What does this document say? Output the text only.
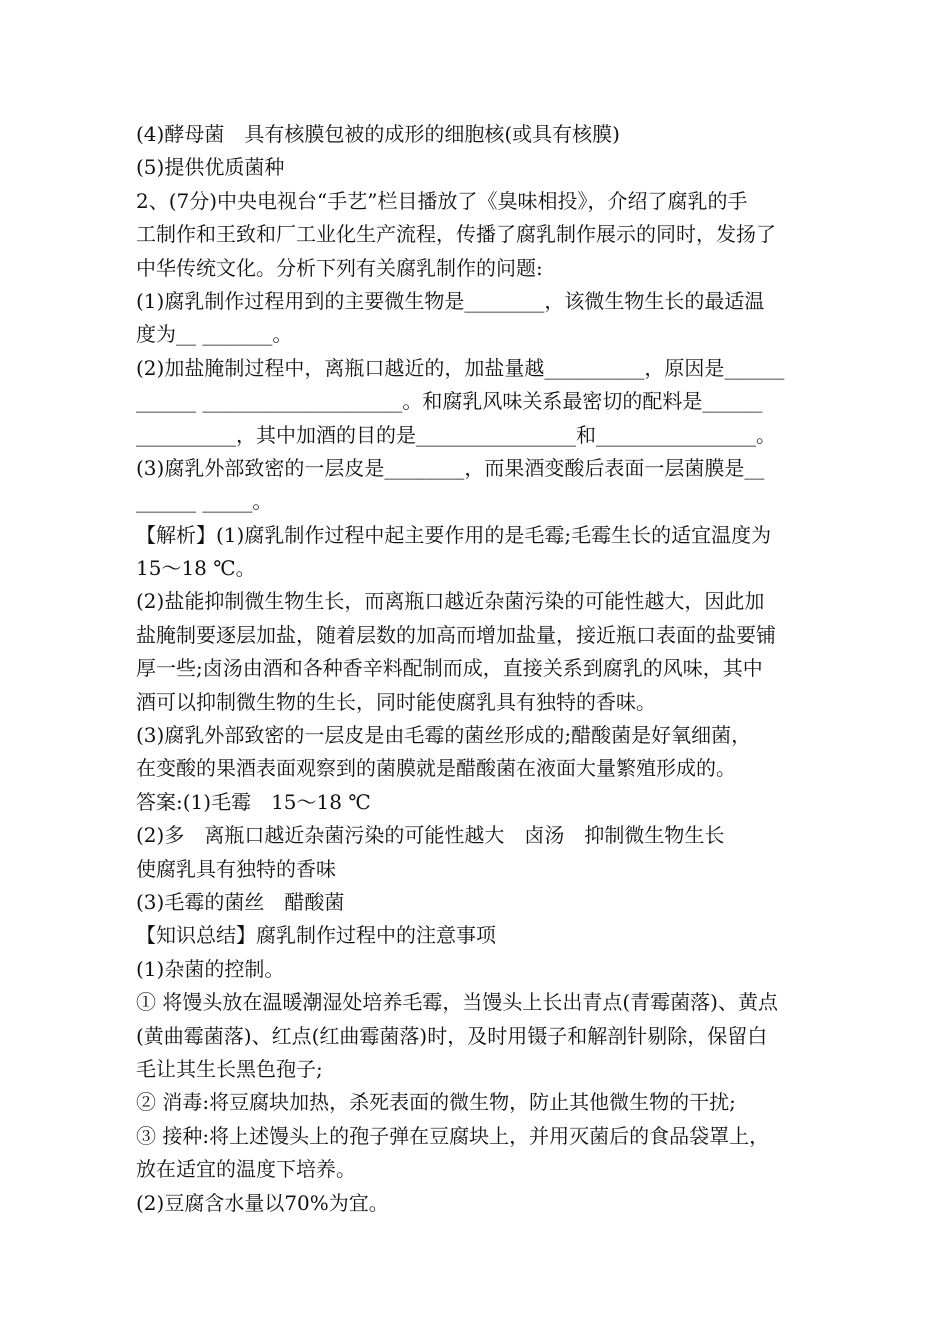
(4)酵母菌　具有核膜包被的成形的细胞核(或具有核膜)
(5)提供优质菌种
2、(7分)中央电视台“手艺”栏目播放了《臭味相投》，介绍了腐乳的手
工制作和王致和厂工业化生产流程，传播了腐乳制作展示的同时，发扬了
中华传统文化。分析下列有关腐乳制作的问题:
(1)腐乳制作过程用到的主要微生物是________，该微生物生长的最适温
度为__ _______。
(2)加盐腌制过程中，离瓶口越近的，加盐量越__________，原因是______
______ ____________________。和腐乳风味关系最密切的配料是______
__________，其中加酒的目的是________________和________________。
(3)腐乳外部致密的一层皮是________，而果酒变酸后表面一层菌膜是__
______ _____。
【解析】(1)腐乳制作过程中起主要作用的是毛霉;毛霉生长的适宜温度为
15～18 ℃。
(2)盐能抑制微生物生长，而离瓶口越近杂菌污染的可能性越大，因此加
盐腌制要逐层加盐，随着层数的加高而增加盐量，接近瓶口表面的盐要铺
厚一些;卤汤由酒和各种香辛料配制而成，直接关系到腐乳的风味，其中
酒可以抑制微生物的生长，同时能使腐乳具有独特的香味。
(3)腐乳外部致密的一层皮是由毛霉的菌丝形成的;醋酸菌是好氧细菌，
在变酸的果酒表面观察到的菌膜就是醋酸菌在液面大量繁殖形成的。
答案:(1)毛霉　15～18 ℃
(2)多　离瓶口越近杂菌污染的可能性越大　卤汤　抑制微生物生长
使腐乳具有独特的香味
(3)毛霉的菌丝　醋酸菌
【知识总结】腐乳制作过程中的注意事项
(1)杂菌的控制。
① 将馒头放在温暖潮湿处培养毛霉，当馒头上长出青点(青霉菌落)、黄点
(黄曲霉菌落)、红点(红曲霉菌落)时，及时用镊子和解剖针剔除，保留白
毛让其生长黑色孢子;
② 消毒:将豆腐块加热，杀死表面的微生物，防止其他微生物的干扰;
③ 接种:将上述馒头上的孢子弹在豆腐块上，并用灭菌后的食品袋罩上，
放在适宜的温度下培养。
(2)豆腐含水量以70%为宜。
